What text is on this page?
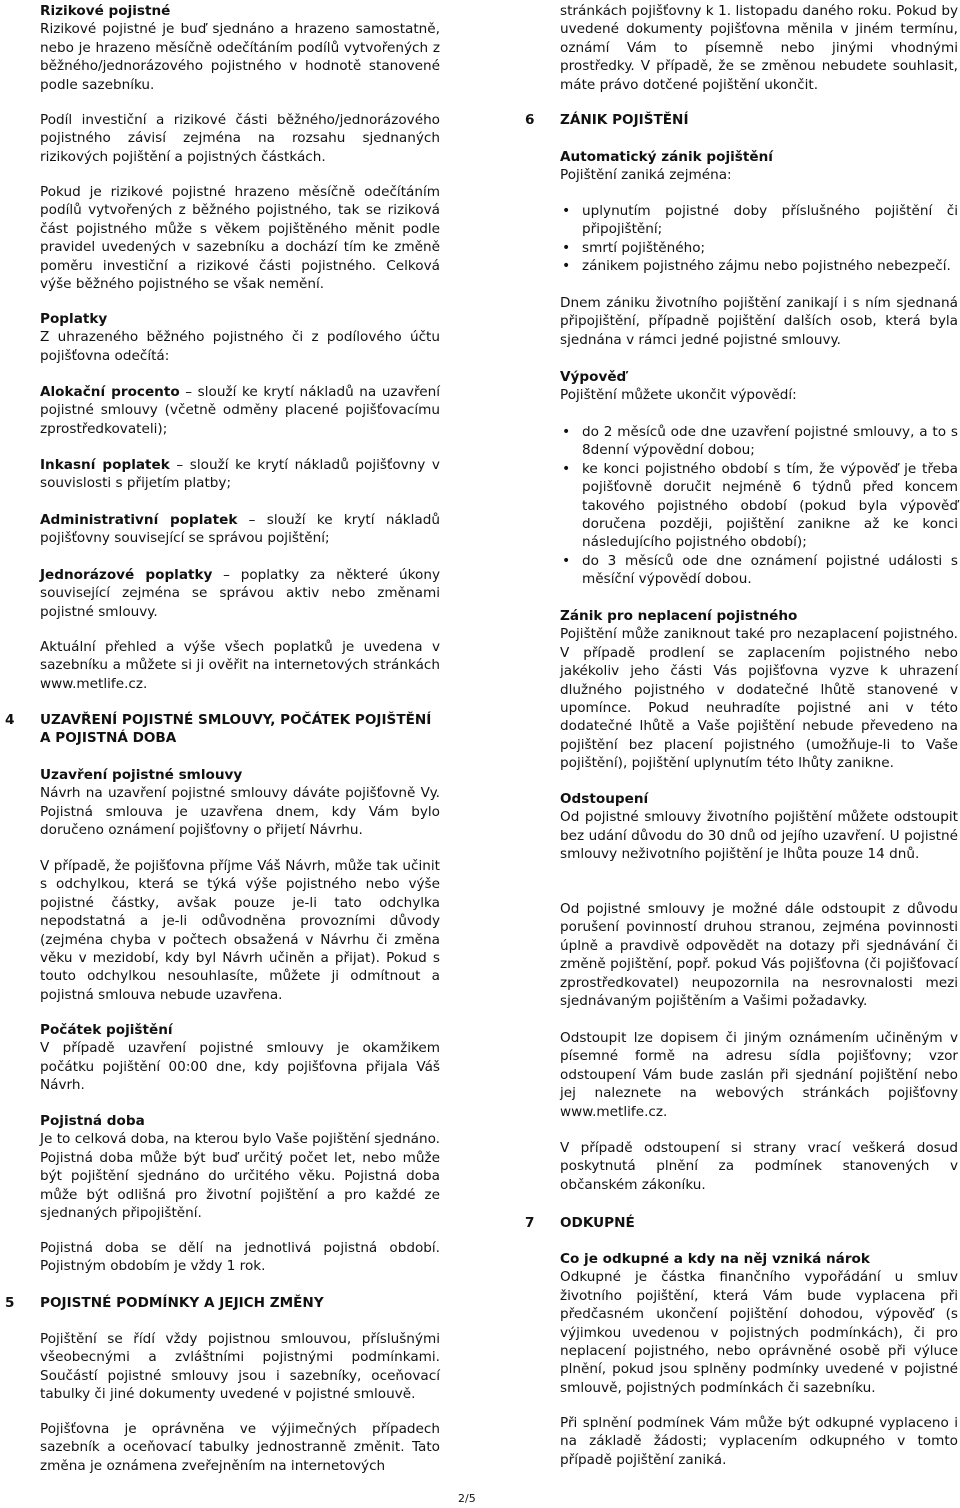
Rizikové pojistné

Rizikové pojistné je buď sjednáno a hrazeno samostatně, nebo je hrazeno měsíčně odečítáním podílů vytvořených z běžného/jednorázového pojistného v hodnotě stanovené podle sazebníku.

Podíl investiční a rizikové části běžného/jednorázového pojistného závisí zejména na rozsahu sjednaných rizikových pojištění a pojistných částkách.

Pokud je rizikové pojistné hrazeno měsíčně odečítáním podílů vytvořených z běžného pojistného, tak se riziková část pojistného může s věkem pojištěného měnit podle pravidel uvedených v sazebníku a dochází tím ke změně poměru investiční a rizikové části pojistného. Celková výše běžného pojistného se však nemění.

Poplatky

Z uhrazeného běžného pojistného či z podílového účtu pojišťovna odečítá:

Alokační procento – slouží ke krytí nákladů na uzavření pojistné smlouvy (včetně odměny placené pojišťovacímu zprostředkovateli);

Inkasní poplatek – slouží ke krytí nákladů pojišťovny v souvislosti s přijetím platby;

Administrativní poplatek – slouží ke krytí nákladů pojišťovny související se správou pojištění;

Jednorázové poplatky – poplatky za některé úkony související zejména se správou aktiv nebo změnami pojistné smlouvy.

Aktuální přehled a výše všech poplatků je uvedena v sazebníku a můžete si ji ověřit na internetových stránkách www.metlife.cz.

4 UZAVŘENÍ POJISTNÉ SMLOUVY, POČÁTEK POJIŠTĚNÍ
A POJISTNÁ DOBA

Uzavření pojistné smlouvy

Návrh na uzavření pojistné smlouvy dáváte pojišťovně Vy. Pojistná smlouva je uzavřena dnem, kdy Vám bylo doručeno oznámení pojišťovny o přijetí Návrhu.

V případě, že pojišťovna příjme Váš Návrh, může tak učinit s odchylkou, která se týká výše pojistného nebo výše pojistné částky, avšak pouze je-li tato odchylka nepodstatná a je-li odůvodněna provozními důvody (zejména chyba v počtech obsažená v Návrhu či změna věku v mezidobí, kdy byl Návrh učiněn a přijat). Pokud s touto odchylkou nesouhlasíte, můžete ji odmítnout a pojistná smlouva nebude uzavřena.

Počátek pojištění

V případě uzavření pojistné smlouvy je okamžikem počátku pojištění 00:00 dne, kdy pojišťovna přijala Váš Návrh.

Pojistná doba

Je to celková doba, na kterou bylo Vaše pojištění sjednáno. Pojistná doba může být buď určitý počet let, nebo může být pojištění sjednáno do určitého věku. Pojistná doba může být odlišná pro životní pojištění a pro každé ze sjednaných připojištění.

Pojistná doba se dělí na jednotlivá pojistná období. Pojistným obdobím je vždy 1 rok.

5 POJISTNÉ PODMÍNKY A JEJICH ZMĚNY

Pojištění se řídí vždy pojistnou smlouvou, příslušnými všeobecnými a zvláštními pojistnými podmínkami. Součástí pojistné smlouvy jsou i sazebníky, oceňovací tabulky či jiné dokumenty uvedené v pojistné smlouvě.

Pojišťovna je oprávněna ve výjimečných případech sazebník a oceňovací tabulky jednostranně změnit. Tato změna je oznámena zveřejněním na internetových

stránkách pojišťovny k 1. listopadu daného roku. Pokud by uvedené dokumenty pojišťovna měnila v jiném termínu, oznámí Vám to písemně nebo jinými vhodnými prostředky. V případě, že se změnou nebudete souhlasit, máte právo dotčené pojištění ukončit.

6 ZÁNIK POJIŠTĚNÍ

Automatický zánik pojištění

Pojištění zaniká zejména:

• uplynutím pojistné doby příslušného pojištění či připojištění;
• smrtí pojištěného;
• zánikem pojistného zájmu nebo pojistného nebezpečí.

Dnem zániku životního pojištění zanikají i s ním sjednaná připojištění, případně pojištění dalších osob, která byla sjednána v rámci jedné pojistné smlouvy.

Výpověď

Pojištění můžete ukončit výpovědí:

• do 2 měsíců ode dne uzavření pojistné smlouvy, a to s 8denní výpovědní dobou;
• ke konci pojistného období s tím, že výpověď je třeba pojišťovně doručit nejméně 6 týdnů před koncem takového pojistného období (pokud byla výpověď doručena později, pojištění zanikne až ke konci následujícího pojistného období);
• do 3 měsíců ode dne oznámení pojistné události s měsíční výpovědí dobou.

Zánik pro neplacení pojistného

Pojištění může zaniknout také pro nezaplacení pojistného. V případě prodlení se zaplacením pojistného nebo jakékoliv jeho části Vás pojišťovna vyzve k uhrazení dlužného pojistného v dodatečné lhůtě stanovené v upomínce. Pokud neuhradíte pojistné ani v této dodatečné lhůtě a Vaše pojištění nebude převedeno na pojištění bez placení pojistného (umožňuje-li to Vaše pojištění), pojištění uplynutím této lhůty zanikne.

Odstoupení

Od pojistné smlouvy životního pojištění můžete odstoupit bez udání důvodu do 30 dnů od jejího uzavření. U pojistné smlouvy neživotního pojištění je lhůta pouze 14 dnů.

Od pojistné smlouvy je možné dále odstoupit z důvodu porušení povinností druhou stranou, zejména povinnosti úplně a pravdivě odpovědět na dotazy při sjednávání či změně pojištění, popř. pokud Vás pojišťovna (či pojišťovací zprostředkovatel) neupozornila na nesrovnalosti mezi sjednávaným pojištěním a Vašimi požadavky.

Odstoupit lze dopisem či jiným oznámením učiněným v písemné formě na adresu sídla pojišťovny; vzor odstoupení Vám bude zaslán při sjednání pojištění nebo jej naleznete na webových stránkách pojišťovny www.metlife.cz.

V případě odstoupení si strany vrací veškerá dosud poskytnutá plnění za podmínek stanovených v občanském zákoníku.

7 ODKUPNÉ

Co je odkupné a kdy na něj vzniká nárok

Odkupné je částka finančního vypořádání u smluv životního pojištění, která Vám bude vyplacena při předčasném ukončení pojištění dohodou, výpověď (s výjimkou uvedenou v pojistných podmínkách), či pro neplacení pojistného, nebo oprávněné osobě při výluce plnění, pokud jsou splněny podmínky uvedené v pojistné smlouvě, pojistných podmínkách či sazebníku.

Při splnění podmínek Vám může být odkupné vyplaceno i na základě žádosti; vyplacením odkupného v tomto případě pojištění zaniká.

2/5
